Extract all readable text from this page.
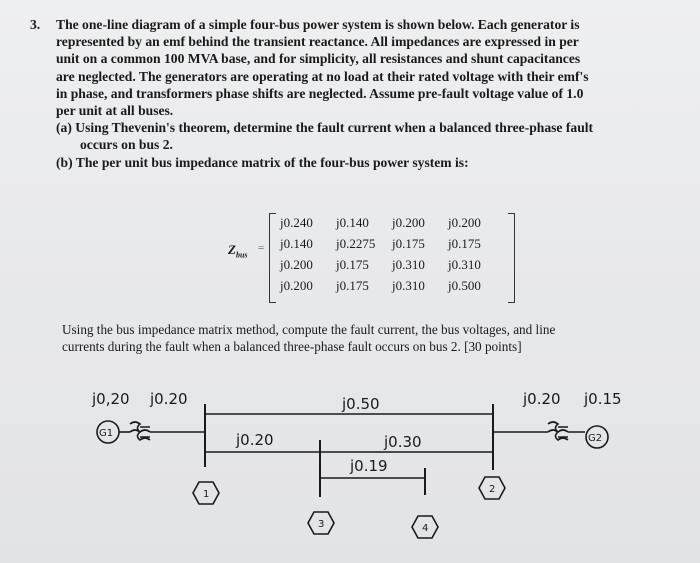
3. The one-line diagram of a simple four-bus power system is shown below. Each generator is
represented by an emf behind the transient reactance. All impedances are expressed in per
unit on a common 100 MVA base, and for simplicity, all resistances and shunt capacitances
are neglected. The generators are operating at no load at their rated voltage with their emf's
in phase, and transformers phase shifts are neglected. Assume pre-fault voltage value of 1.0
per unit at all buses.
(a) Using Thevenin's theorem, determine the fault current when a balanced three-phase fault
occurs on bus 2.
(b) The per unit bus impedance matrix of the four-bus power system is:
$Z_{bus}$
=
j0.240	j0.140	j0.200	j0.200
j0.140	j0.2275	j0.175	j0.175
j0.200	j0.175	j0.310	j0.310
j0.200	j0.175	j0.310	j0.500
Using the bus impedance matrix method, compute the fault current, the bus voltages, and line
currents during the fault when a balanced three-phase fault occurs on bus 2. [30 points]
G1	G2
j0,20 j0.20
j0.20
j0.50
j0.30
j0.19
j0.20 j0.15
1	2
3	4
